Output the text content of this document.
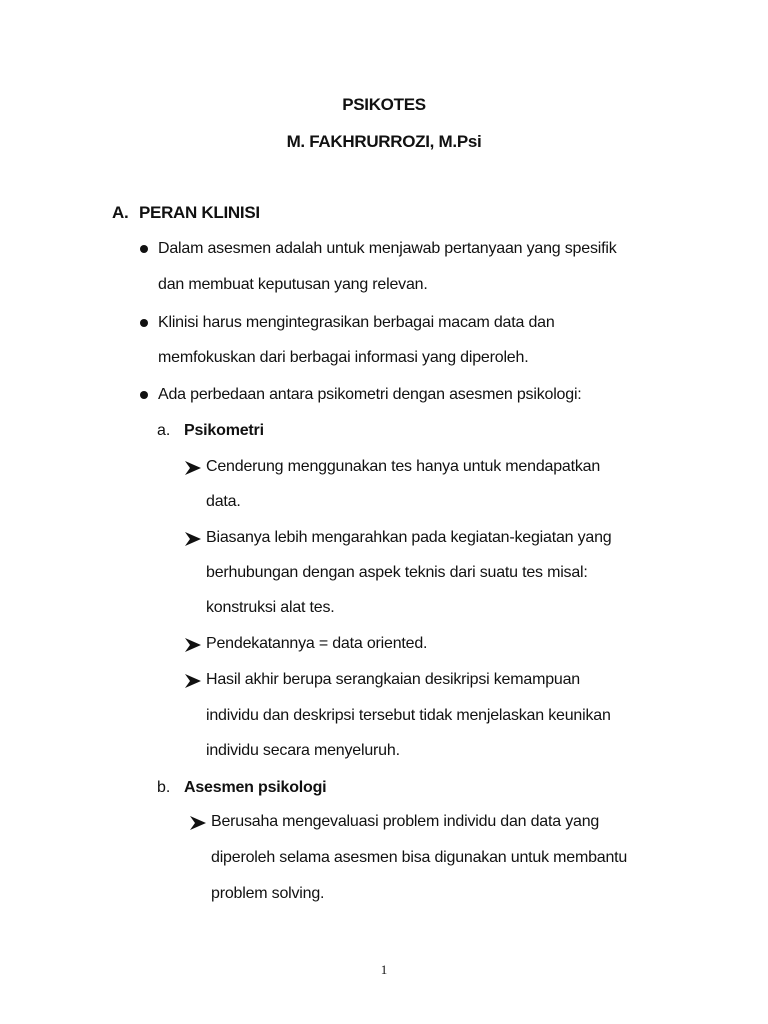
PSIKOTES
M. FAKHRURROZI, M.Psi
A. PERAN KLINISI
Dalam asesmen adalah untuk menjawab pertanyaan yang spesifik
dan membuat keputusan yang relevan.
Klinisi harus mengintegrasikan berbagai macam data dan
memfokuskan dari berbagai informasi yang diperoleh.
Ada perbedaan antara psikometri dengan asesmen psikologi:
a. Psikometri
Cenderung menggunakan tes hanya untuk mendapatkan
data.
Biasanya lebih mengarahkan pada kegiatan-kegiatan yang
berhubungan dengan aspek teknis dari suatu tes misal:
konstruksi alat tes.
Pendekatannya = data oriented.
Hasil akhir berupa serangkaian desikripsi kemampuan
individu dan deskripsi tersebut tidak menjelaskan keunikan
individu secara menyeluruh.
b. Asesmen psikologi
Berusaha mengevaluasi problem individu dan data yang
diperoleh selama asesmen bisa digunakan untuk membantu
problem solving.
1
